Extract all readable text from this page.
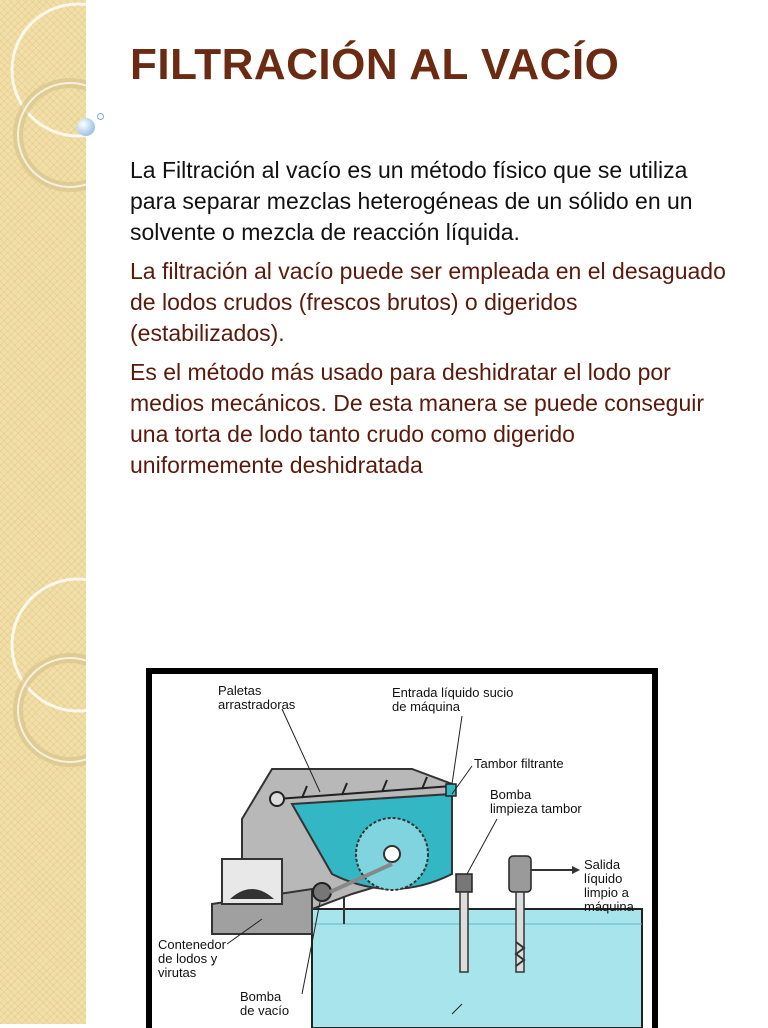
FILTRACIÓN AL VACÍO

La Filtración al vacío es un método físico que se utiliza para separar mezclas heterogéneas de un sólido en un solvente o mezcla de reacción líquida.

La filtración al vacío puede ser empleada en el desaguado de lodos crudos (frescos brutos) o digeridos (estabilizados).

Es el método más usado para deshidratar el lodo por medios mecánicos. De esta manera se puede conseguir una torta de lodo tanto crudo como digerido uniformemente deshidratada

Paletas
arrastradoras
Entrada líquido sucio
de máquina
Tambor filtrante
Bomba
limpieza tambor
Salida
líquido
limpio a
máquina
Contenedor
de lodos y
virutas
Bomba
de vacío
